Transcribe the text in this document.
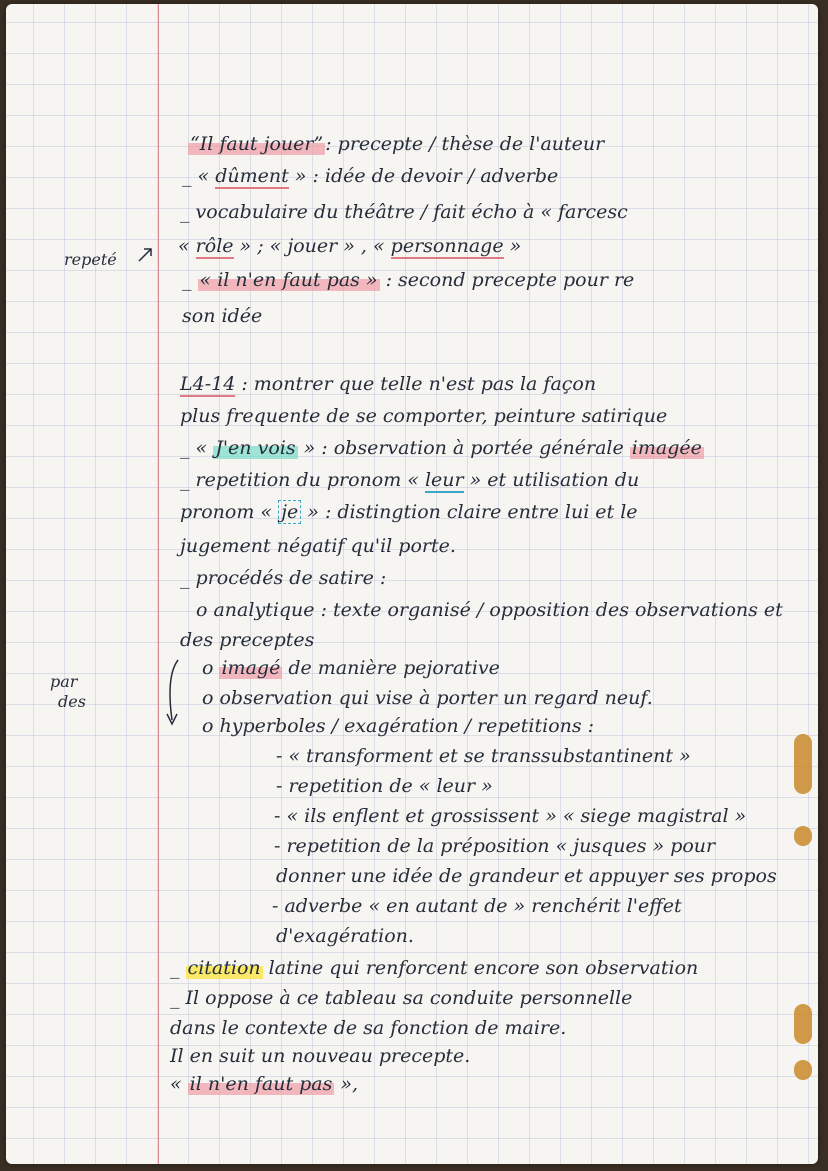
repeté
par
des
“Il faut jouer” : precepte / thèse de l'auteur
_ « dûment » : idée de devoir / adverbe
_ vocabulaire du théâtre / fait écho à « farcesc
« rôle » ; « jouer » , « personnage »
_ « il n'en faut pas » : second precepte pour re
son idée
L4-14 : montrer que telle n'est pas la façon
plus frequente de se comporter, peinture satirique
_ « J'en vois » : observation à portée générale imagée
_ repetition du pronom « leur » et utilisation du
pronom « je » : distingtion claire entre lui et le
jugement négatif qu'il porte.
_ procédés de satire :
o analytique : texte organisé / opposition des observations et
des preceptes
o imagé de manière pejorative
o observation qui vise à porter un regard neuf.
o hyperboles / exagération / repetitions :
- « transforment et se transsubstantinent »
- repetition de « leur »
- « ils enflent et grossissent » « siege magistral »
- repetition de la préposition « jusques » pour
donner une idée de grandeur et appuyer ses propos
- adverbe « en autant de » renchérit l'effet
d'exagération.
_ citation latine qui renforcent encore son observation
_ Il oppose à ce tableau sa conduite personnelle
dans le contexte de sa fonction de maire.
Il en suit un nouveau precepte.
« il n'en faut pas »,
